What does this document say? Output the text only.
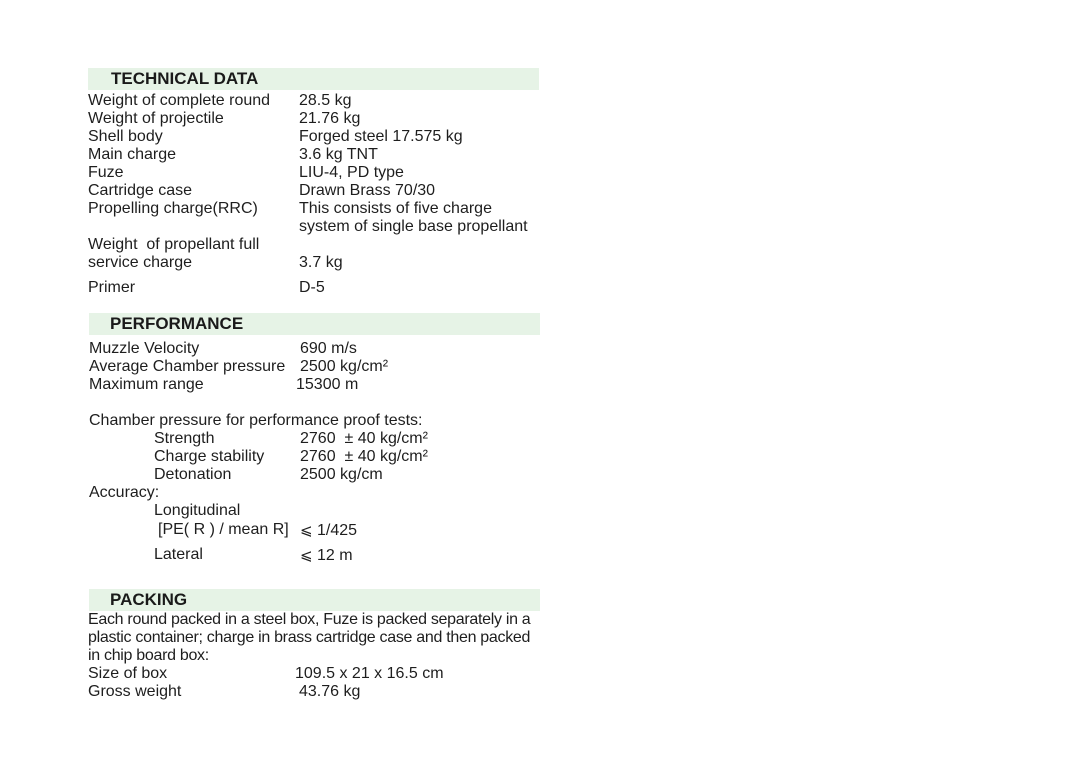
TECHNICAL DATA
Weight of complete round 28.5 kg
Weight of projectile	21.76 kg
Shell body	Forged steel 17.575 kg
Main charge	3.6 kg TNT
Fuze	LIU-4, PD type
Cartridge case	Drawn Brass 70/30
Propelling charge(RRC)	This consists of five charge
system of single base propellant
Weight  of propellant full
service charge	3.7 kg
Primer	D-5
PERFORMANCE
Muzzle Velocity	690 m/s
Average Chamber pressure 2500 kg/cm²
Maximum range	15300 m
Chamber pressure for performance proof tests:
Strength	2760  ± 40 kg/cm²
Charge stability 2760  ± 40 kg/cm²
Detonation	2500 kg/cm
Accuracy:
Longitudinal
[PE( R ) / mean R] ⩽ 1/425
Lateral	⩽ 12 m
PACKING
Each round packed in a steel box, Fuze is packed separately in a
plastic container; charge in brass cartridge case and then packed
in chip board box:
Size of box	109.5 x 21 x 16.5 cm
Gross weight	43.76 kg
